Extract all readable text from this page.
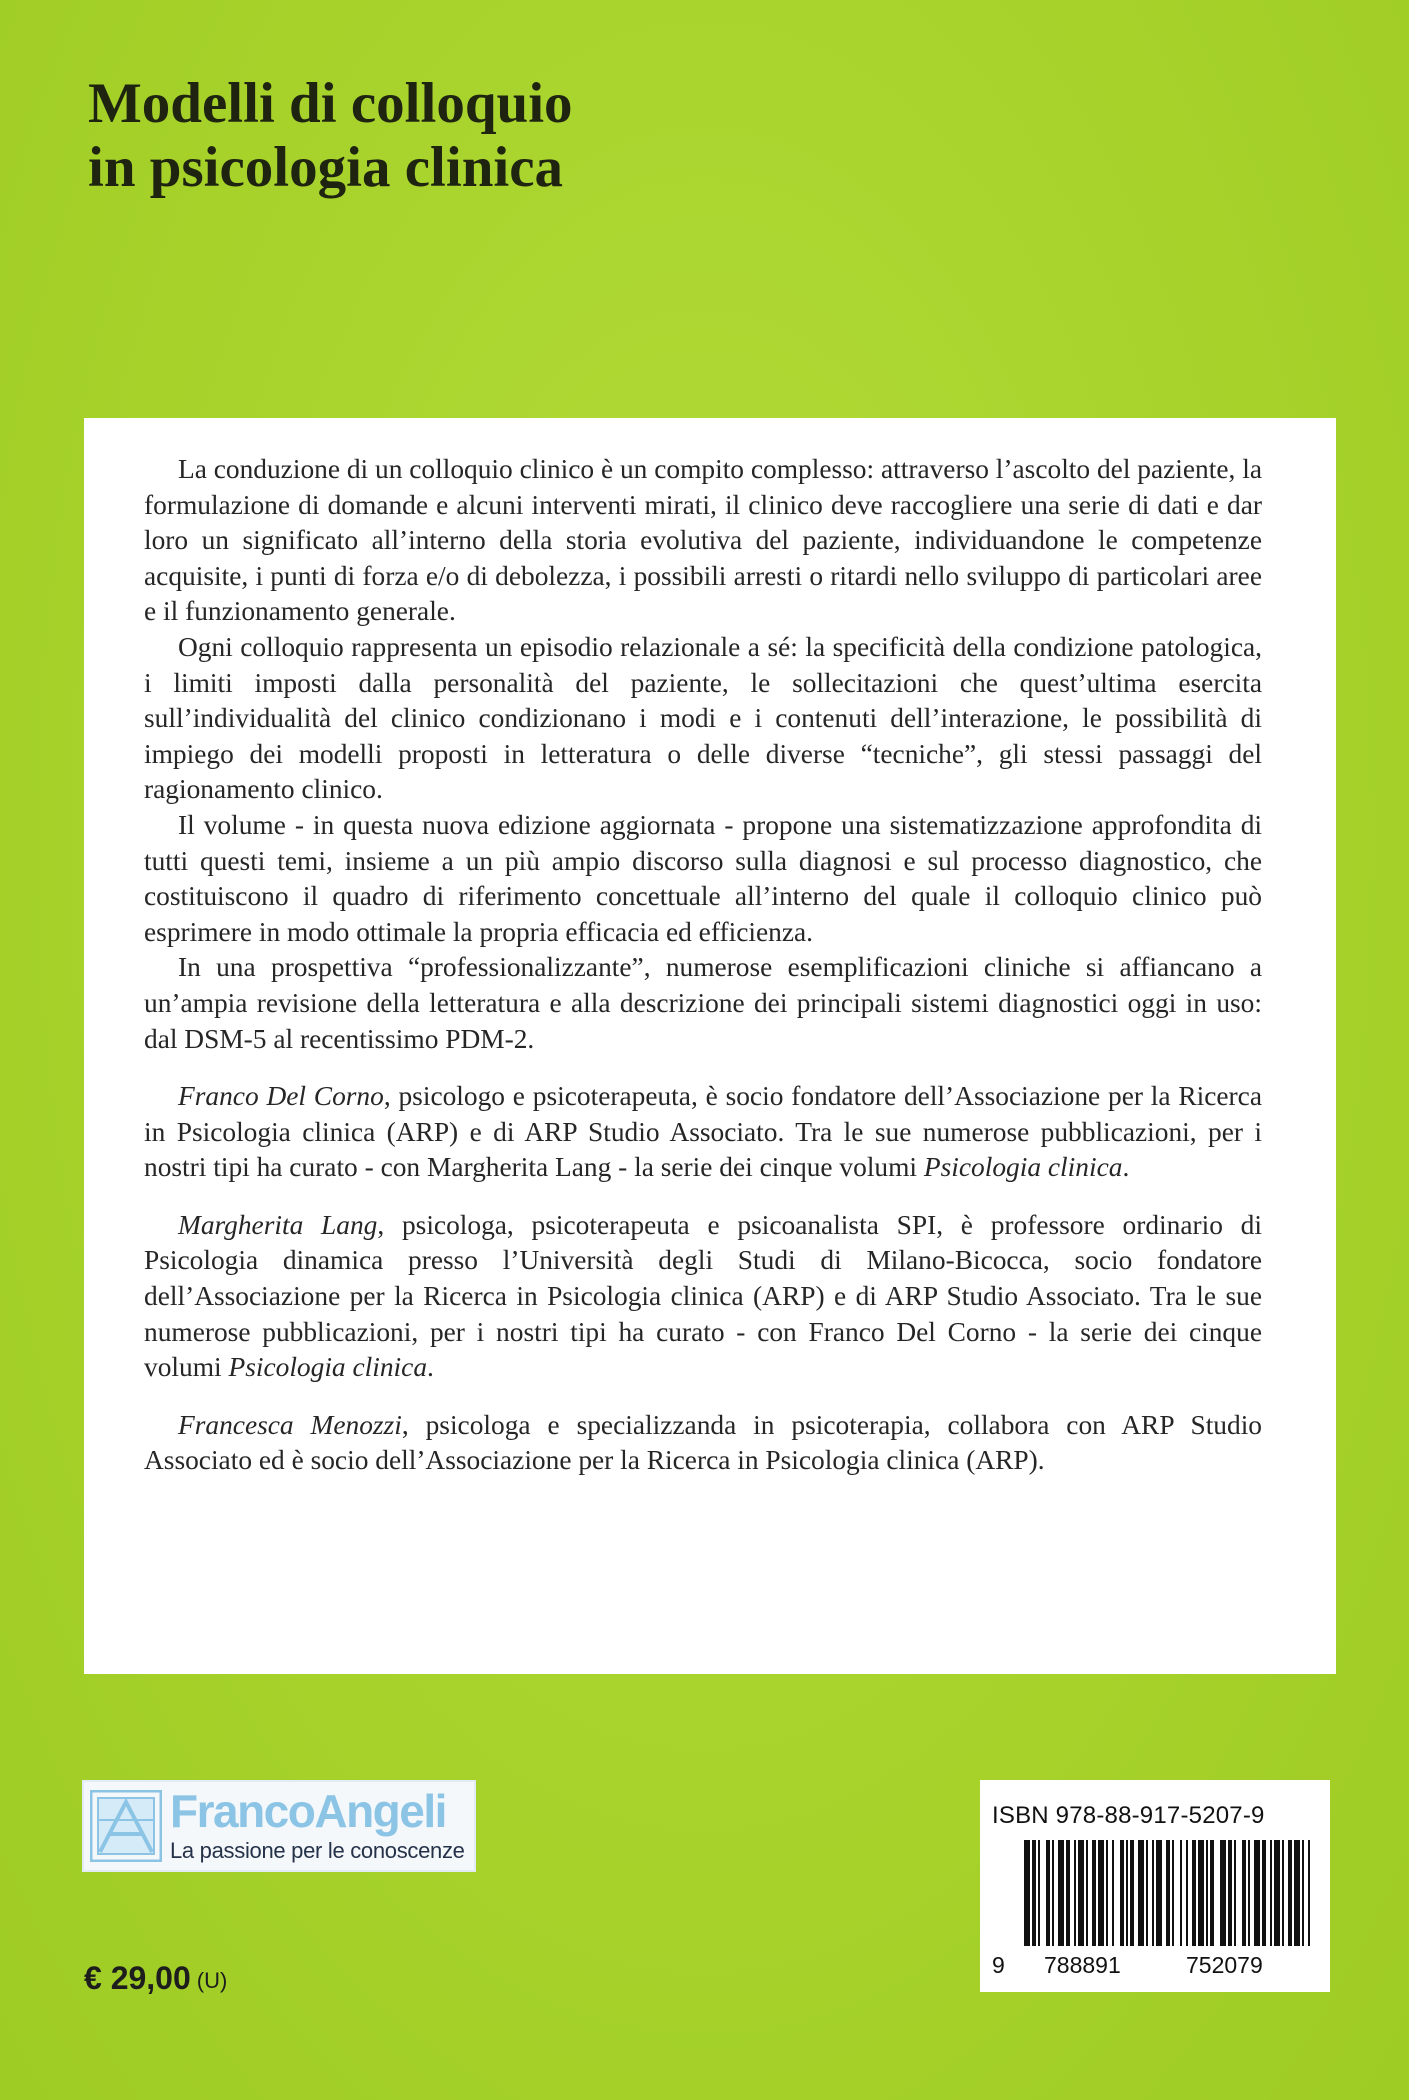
Modelli di colloquio
in psicologia clinica

La conduzione di un colloquio clinico è un compito complesso: attraverso l’ascolto del paziente, la formulazione di domande e alcuni interventi mirati, il clinico deve raccogliere una serie di dati e dar loro un significato all’interno della storia evolutiva del paziente, individuandone le competenze acquisite, i punti di forza e/o di debolezza, i possibili arresti o ritardi nello sviluppo di particolari aree e il funzionamento generale.

Ogni colloquio rappresenta un episodio relazionale a sé: la specificità della condizione patologica, i limiti imposti dalla personalità del paziente, le sollecitazioni che quest’ultima esercita sull’individualità del clinico condizionano i modi e i contenuti dell’interazione, le possibilità di impiego dei modelli proposti in letteratura o delle diverse “tecniche”, gli stessi passaggi del ragionamento clinico.

Il volume - in questa nuova edizione aggiornata - propone una sistematizzazione approfondita di tutti questi temi, insieme a un più ampio discorso sulla diagnosi e sul processo diagnostico, che costituiscono il quadro di riferimento concettuale all’interno del quale il colloquio clinico può esprimere in modo ottimale la propria efficacia ed efficienza.

In una prospettiva “professionalizzante”, numerose esemplificazioni cliniche si affiancano a un’ampia revisione della letteratura e alla descrizione dei principali sistemi diagnostici oggi in uso: dal DSM-5 al recentissimo PDM-2.

Franco Del Corno, psicologo e psicoterapeuta, è socio fondatore dell’Associazione per la Ricerca in Psicologia clinica (ARP) e di ARP Studio Associato. Tra le sue numerose pubblicazioni, per i nostri tipi ha curato - con Margherita Lang - la serie dei cinque volumi Psicologia clinica.

Margherita Lang, psicologa, psicoterapeuta e psicoanalista SPI, è professore ordinario di Psicologia dinamica presso l’Università degli Studi di Milano-Bicocca, socio fondatore dell’Associazione per la Ricerca in Psicologia clinica (ARP) e di ARP Studio Associato. Tra le sue numerose pubblicazioni, per i nostri tipi ha curato - con Franco Del Corno - la serie dei cinque volumi Psicologia clinica.

Francesca Menozzi, psicologa e specializzanda in psicoterapia, collabora con ARP Studio Associato ed è socio dell’Associazione per la Ricerca in Psicologia clinica (ARP).

FrancoAngeli
La passione per le conoscenze
€ 29,00 (U)
ISBN 978-88-917-5207-9
9 788891	752079
